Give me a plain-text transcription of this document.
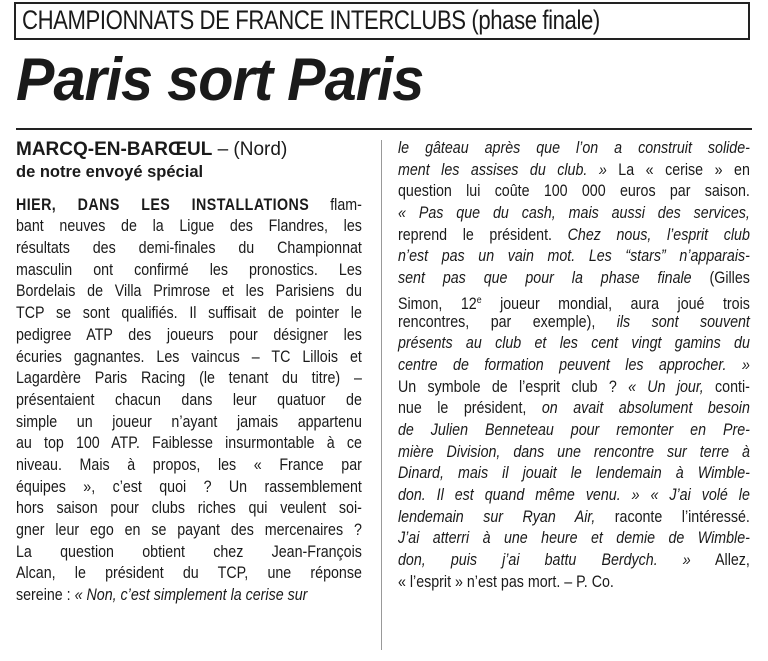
CHAMPIONNATS DE FRANCE INTERCLUBS (phase finale)
Paris sort Paris
MARCQ-EN-BARŒUL – (Nord)
de notre envoyé spécial
HIER, DANS LES INSTALLATIONS flam-
bant neuves de la Ligue des Flandres, les
résultats des demi-finales du Championnat
masculin ont confirmé les pronostics. Les
Bordelais de Villa Primrose et les Parisiens du
TCP se sont qualifiés. Il suffisait de pointer le
pedigree ATP des joueurs pour désigner les
écuries gagnantes. Les vaincus – TC Lillois et
Lagardère Paris Racing (le tenant du titre) –
présentaient chacun dans leur quatuor de
simple un joueur n’ayant jamais appartenu
au top 100 ATP. Faiblesse insurmontable à ce
niveau. Mais à propos, les « France par
équipes », c’est quoi ? Un rassemblement
hors saison pour clubs riches qui veulent soi-
gner leur ego en se payant des mercenaires ?
La question obtient chez Jean-François
Alcan, le président du TCP, une réponse
sereine : « Non, c’est simplement la cerise sur
le gâteau après que l’on a construit solide-
ment les assises du club. » La « cerise » en
question lui coûte 100 000 euros par saison.
« Pas que du cash, mais aussi des services,
reprend le président. Chez nous, l’esprit club
n’est pas un vain mot. Les “stars” n’apparais-
sent pas que pour la phase finale (Gilles
Simon, 12e joueur mondial, aura joué trois
rencontres, par exemple), ils sont souvent
présents au club et les cent vingt gamins du
centre de formation peuvent les approcher. »
Un symbole de l’esprit club ? « Un jour, conti-
nue le président, on avait absolument besoin
de Julien Benneteau pour remonter en Pre-
mière Division, dans une rencontre sur terre à
Dinard, mais il jouait le lendemain à Wimble-
don. Il est quand même venu. » « J’ai volé le
lendemain sur Ryan Air, raconte l’intéressé.
J’ai atterri à une heure et demie de Wimble-
don, puis j’ai battu Berdych. » Allez,
« l’esprit » n’est pas mort. – P. Co.
